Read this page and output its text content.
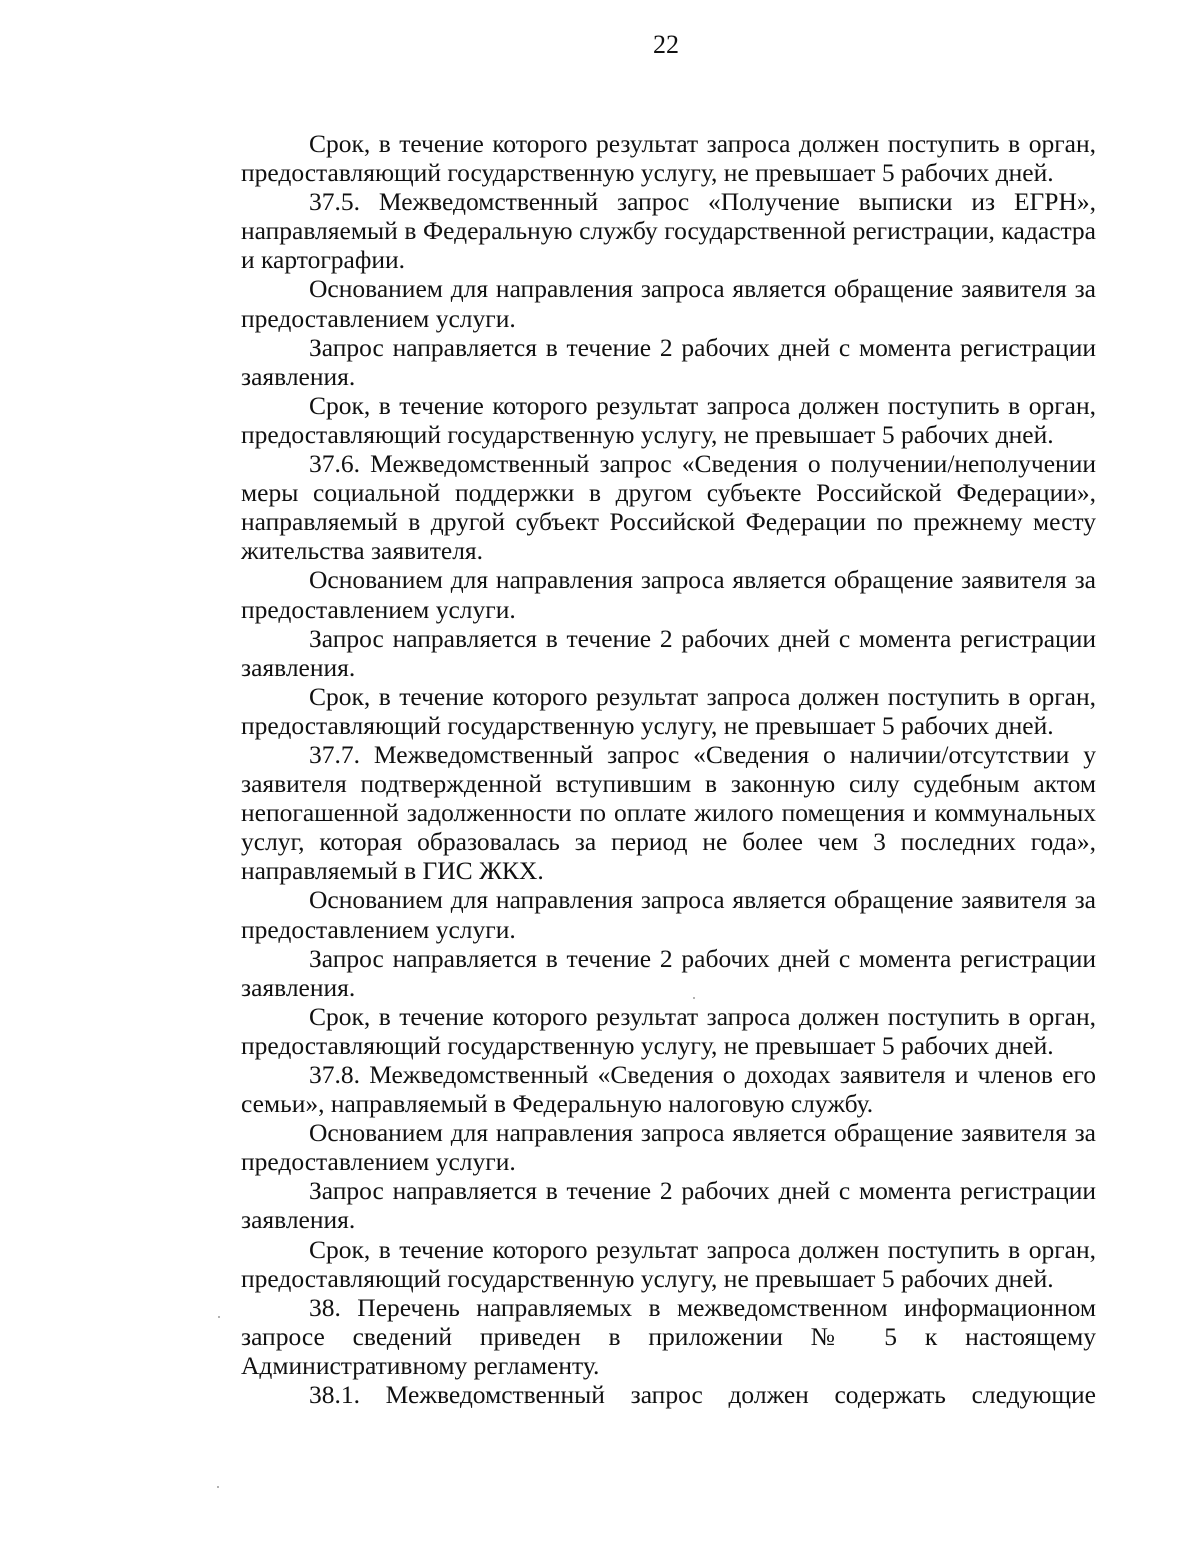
22

Срок, в течение которого результат запроса должен поступить в орган, предоставляющий государственную услугу, не превышает 5 рабочих дней.

37.5. Межведомственный запрос «Получение выписки из ЕГРН», направляемый в Федеральную службу государственной регистрации, кадастра и картографии.

Основанием для направления запроса является обращение заявителя за предоставлением услуги.

Запрос направляется в течение 2 рабочих дней с момента регистрации заявления.

Срок, в течение которого результат запроса должен поступить в орган, предоставляющий государственную услугу, не превышает 5 рабочих дней.

37.6. Межведомственный запрос «Сведения о получении/неполучении меры социальной поддержки в другом субъекте Российской Федерации», направляемый в другой субъект Российской Федерации по прежнему месту жительства заявителя.

Основанием для направления запроса является обращение заявителя за предоставлением услуги.

Запрос направляется в течение 2 рабочих дней с момента регистрации заявления.

Срок, в течение которого результат запроса должен поступить в орган, предоставляющий государственную услугу, не превышает 5 рабочих дней.

37.7. Межведомственный запрос «Сведения о наличии/отсутствии у заявителя подтвержденной вступившим в законную силу судебным актом непогашенной задолженности по оплате жилого помещения и коммунальных услуг, которая образовалась за период не более чем 3 последних года», направляемый в ГИС ЖКХ.

Основанием для направления запроса является обращение заявителя за предоставлением услуги.

Запрос направляется в течение 2 рабочих дней с момента регистрации заявления.

Срок, в течение которого результат запроса должен поступить в орган, предоставляющий государственную услугу, не превышает 5 рабочих дней.

37.8. Межведомственный «Сведения о доходах заявителя и членов его семьи», направляемый в Федеральную налоговую службу.

Основанием для направления запроса является обращение заявителя за предоставлением услуги.

Запрос направляется в течение 2 рабочих дней с момента регистрации заявления.

Срок, в течение которого результат запроса должен поступить в орган, предоставляющий государственную услугу, не превышает 5 рабочих дней.

38. Перечень направляемых в межведомственном информационном запросе сведений приведен в приложении № 5 к настоящему Административному регламенту.

38.1. Межведомственный запрос должен содержать следующие
